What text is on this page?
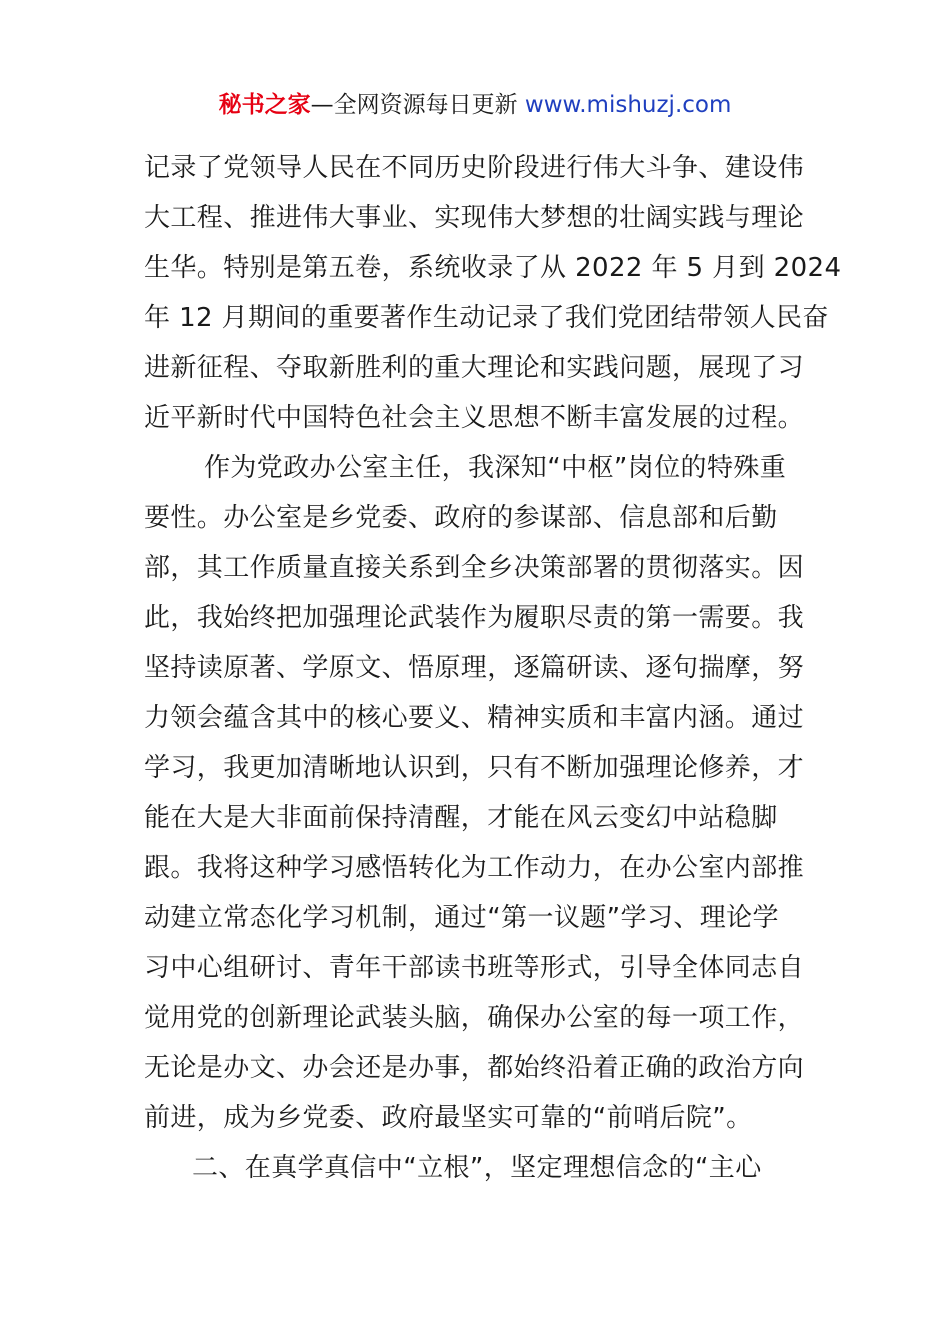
秘书之家—全网资源每日更新 www.mishuzj.com
记录了党领导人民在不同历史阶段进行伟大斗争、建设伟
大工程、推进伟大事业、实现伟大梦想的壮阔实践与理论
生华。特别是第五卷，系统收录了从 2022 年 5 月到 2024
年 12 月期间的重要著作生动记录了我们党团结带领人民奋
进新征程、夺取新胜利的重大理论和实践问题，展现了习
近平新时代中国特色社会主义思想不断丰富发展的过程。
作为党政办公室主任，我深知“中枢”岗位的特殊重
要性。办公室是乡党委、政府的参谋部、信息部和后勤
部，其工作质量直接关系到全乡决策部署的贯彻落实。因
此，我始终把加强理论武装作为履职尽责的第一需要。我
坚持读原著、学原文、悟原理，逐篇研读、逐句揣摩，努
力领会蕴含其中的核心要义、精神实质和丰富内涵。通过
学习，我更加清晰地认识到，只有不断加强理论修养，才
能在大是大非面前保持清醒，才能在风云变幻中站稳脚
跟。我将这种学习感悟转化为工作动力，在办公室内部推
动建立常态化学习机制，通过“第一议题”学习、理论学
习中心组研讨、青年干部读书班等形式，引导全体同志自
觉用党的创新理论武装头脑，确保办公室的每一项工作，
无论是办文、办会还是办事，都始终沿着正确的政治方向
前进，成为乡党委、政府最坚实可靠的“前哨后院”。
二、在真学真信中“立根”，坚定理想信念的“主心
